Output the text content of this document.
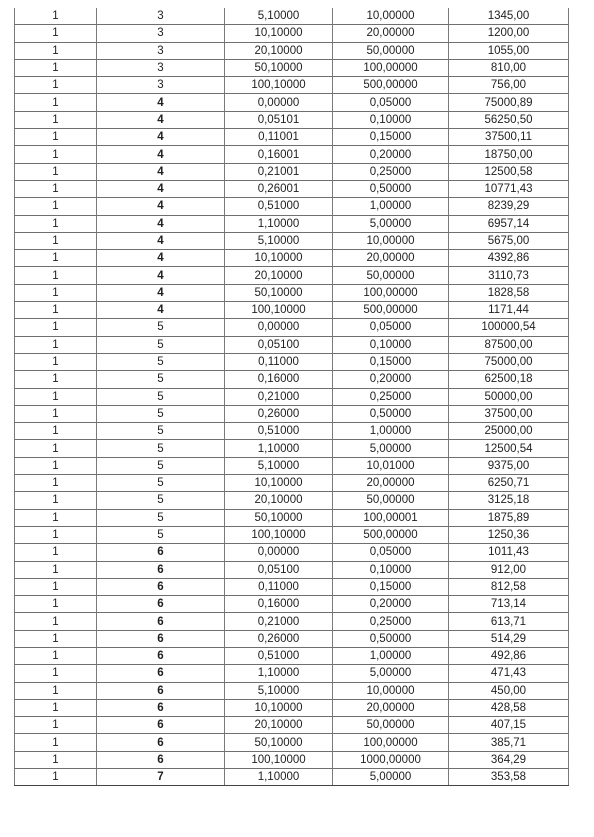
1	3	5,10000	10,00000	1345,00
1	3	10,10000	20,00000	1200,00
1	3	20,10000	50,00000	1055,00
1	3	50,10000	100,00000	810,00
1	3	100,10000	500,00000	756,00
1	4	0,00000	0,05000	75000,89
1	4	0,05101	0,10000	56250,50
1	4	0,11001	0,15000	37500,11
1	4	0,16001	0,20000	18750,00
1	4	0,21001	0,25000	12500,58
1	4	0,26001	0,50000	10771,43
1	4	0,51000	1,00000	8239,29
1	4	1,10000	5,00000	6957,14
1	4	5,10000	10,00000	5675,00
1	4	10,10000	20,00000	4392,86
1	4	20,10000	50,00000	3110,73
1	4	50,10000	100,00000	1828,58
1	4	100,10000	500,00000	1171,44
1	5	0,00000	0,05000	100000,54
1	5	0,05100	0,10000	87500,00
1	5	0,11000	0,15000	75000,00
1	5	0,16000	0,20000	62500,18
1	5	0,21000	0,25000	50000,00
1	5	0,26000	0,50000	37500,00
1	5	0,51000	1,00000	25000,00
1	5	1,10000	5,00000	12500,54
1	5	5,10000	10,01000	9375,00
1	5	10,10000	20,00000	6250,71
1	5	20,10000	50,00000	3125,18
1	5	50,10000	100,00001	1875,89
1	5	100,10000	500,00000	1250,36
1	6	0,00000	0,05000	1011,43
1	6	0,05100	0,10000	912,00
1	6	0,11000	0,15000	812,58
1	6	0,16000	0,20000	713,14
1	6	0,21000	0,25000	613,71
1	6	0,26000	0,50000	514,29
1	6	0,51000	1,00000	492,86
1	6	1,10000	5,00000	471,43
1	6	5,10000	10,00000	450,00
1	6	10,10000	20,00000	428,58
1	6	20,10000	50,00000	407,15
1	6	50,10000	100,00000	385,71
1	6	100,10000	1000,00000	364,29
1	7	1,10000	5,00000	353,58
